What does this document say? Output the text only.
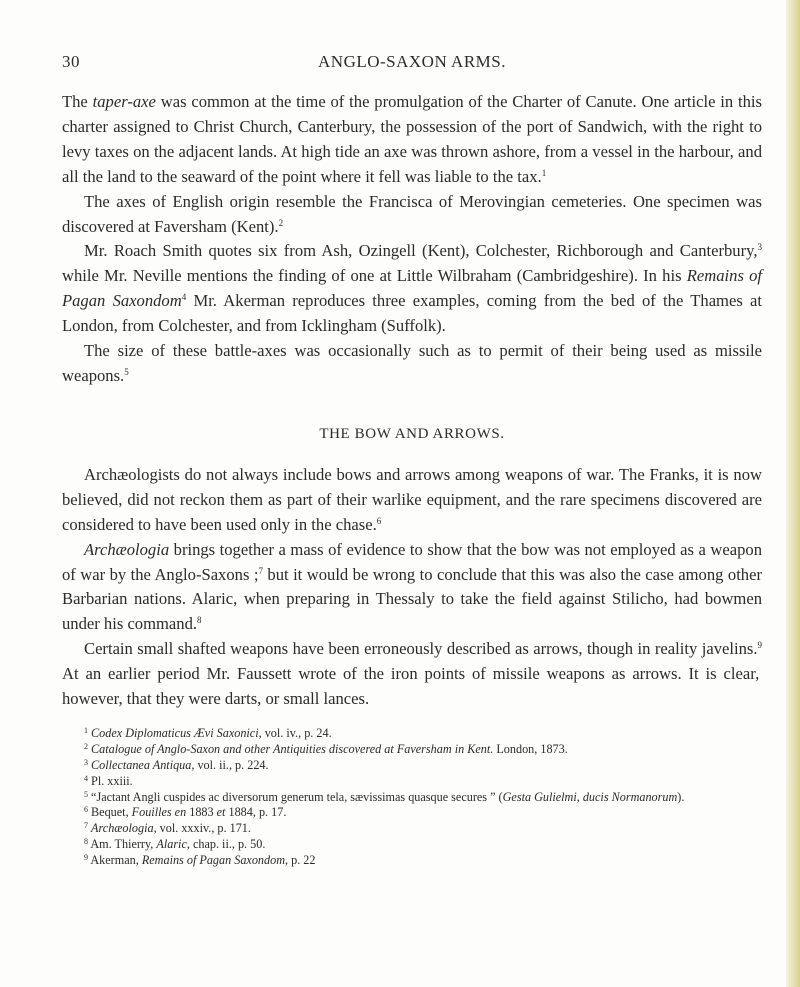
30	ANGLO-SAXON ARMS.

The taper-axe was common at the time of the promulgation of the Charter of Canute. One article in this charter assigned to Christ Church, Canterbury, the possession of the port of Sandwich, with the right to levy taxes on the adjacent lands. At high tide an axe was thrown ashore, from a vessel in the harbour, and all the land to the seaward of the point where it fell was liable to the tax.$^1$

The axes of English origin resemble the Francisca of Merovingian cemeteries. One specimen was discovered at Faversham (Kent).$^2$

Mr. Roach Smith quotes six from Ash, Ozingell (Kent), Colchester, Richborough and Canterbury,$^3$ while Mr. Neville mentions the finding of one at Little Wilbraham (Cambridgeshire). In his Remains of Pagan Saxondom$^4$ Mr. Akerman reproduces three examples, coming from the bed of the Thames at London, from Colchester, and from Icklingham (Suffolk).

The size of these battle-axes was occasionally such as to permit of their being used as missile weapons.$^5$

THE BOW AND ARROWS.

Archæologists do not always include bows and arrows among weapons of war. The Franks, it is now believed, did not reckon them as part of their warlike equipment, and the rare specimens discovered are considered to have been used only in the chase.$^6$

Archæologia brings together a mass of evidence to show that the bow was not employed as a weapon of war by the Anglo-Saxons ;$^7$ but it would be wrong to conclude that this was also the case among other Barbarian nations. Alaric, when preparing in Thessaly to take the field against Stilicho, had bowmen under his command.$^8$

Certain small shafted weapons have been erroneously described as arrows, though in reality javelins.$^9$ At an earlier period Mr. Faussett wrote of the iron points of missile weapons as arrows. It is clear, however, that they were darts, or small lances.

$^1$ Codex Diplomaticus Ævi Saxonici, vol. iv., p. 24.
$^2$ Catalogue of Anglo-Saxon and other Antiquities discovered at Faversham in Kent. London, 1873.
$^3$ Collectanea Antiqua, vol. ii., p. 224.
$^4$ Pl. xxiii.
$^5$ “Jactant Angli cuspides ac diversorum generum tela, sævissimas quasque secures ” (Gesta Gulielmi, ducis Normanorum).
$^6$ Bequet, Fouilles en 1883 et 1884, p. 17.
$^7$ Archæologia, vol. xxxiv., p. 171.
$^8$ Am. Thierry, Alaric, chap. ii., p. 50.
$^9$ Akerman, Remains of Pagan Saxondom, p. 22
